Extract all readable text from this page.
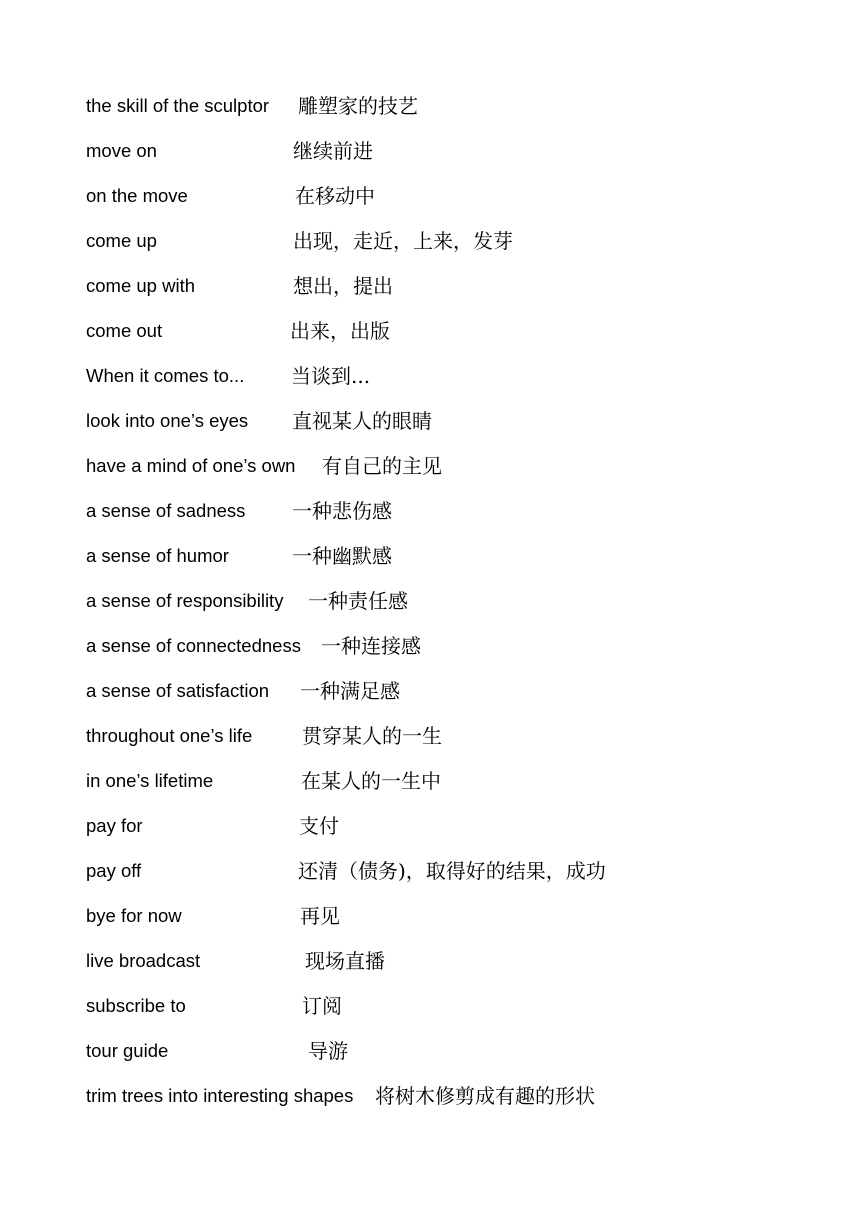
the skill of the sculptor 雕塑家的技艺
move on	继续前进
on the move	在移动中
come up	出现，走近，上来，发芽
come up with	想出，提出
come out	出来，出版
When it comes to... 当谈到...
look into one’s eyes 直视某人的眼睛
have a mind of one’s own 有自己的主见
a sense of sadness 一种悲伤感
a sense of humor	一种幽默感
a sense of responsibility 一种责任感
a sense of connectedness 一种连接感
a sense of satisfaction 一种满足感
throughout one’s life 贯穿某人的一生
in one’s lifetime	在某人的一生中
pay for	支付
pay off	还清（债务)，取得好的结果，成功
bye for now	再见
live broadcast	现场直播
subscribe to	订阅
tour guide	导游
trim trees into interesting shapes 将树木修剪成有趣的形状
